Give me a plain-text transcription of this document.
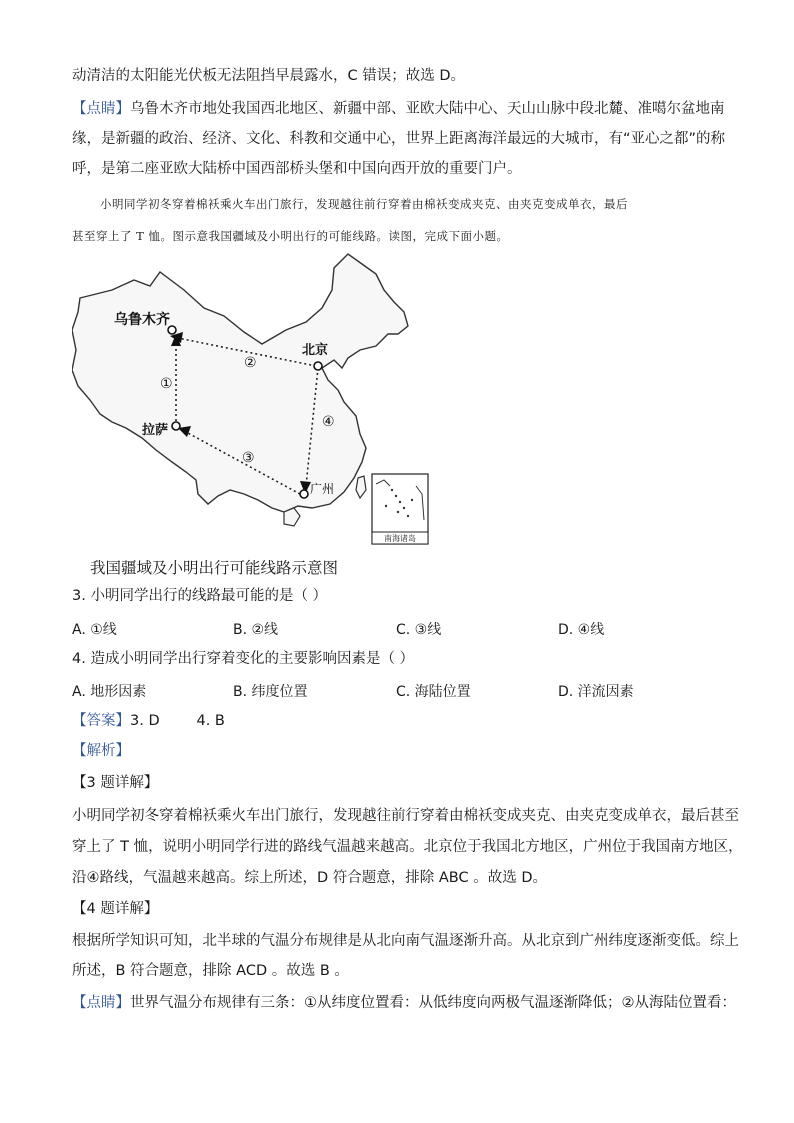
动清洁的太阳能光伏板无法阻挡早晨露水，C 错误；故选 D。
【点睛】乌鲁木齐市地处我国西北地区、新疆中部、亚欧大陆中心、天山山脉中段北麓、准噶尔盆地南
缘，是新疆的政治、经济、文化、科教和交通中心，世界上距离海洋最远的大城市，有“亚心之都”的称
呼，是第二座亚欧大陆桥中国西部桥头堡和中国向西开放的重要门户。
小明同学初冬穿着棉袄乘火车出门旅行，发现越往前行穿着由棉袄变成夹克、由夹克变成单衣，最后
甚至穿上了 T 恤。图示意我国疆域及小明出行的可能线路。读图，完成下面小题。
乌鲁木齐
北京
拉萨
广州
①
②
③
④
南海诸岛
我国疆域及小明出行可能线路示意图
3. 小明同学出行的线路最可能的是（ ）
A. ①线	B. ②线	C. ③线	D. ④线
4. 造成小明同学出行穿着变化的主要影响因素是（ ）
A. 地形因素	B. 纬度位置	C. 海陆位置	D. 洋流因素
【答案】3. D        4. B
【解析】
【3 题详解】
小明同学初冬穿着棉袄乘火车出门旅行，发现越往前行穿着由棉袄变成夹克、由夹克变成单衣，最后甚至
穿上了 T 恤，说明小明同学行进的路线气温越来越高。北京位于我国北方地区，广州位于我国南方地区，
沿④路线，气温越来越高。综上所述，D 符合题意，排除 ABC 。故选 D。
【4 题详解】
根据所学知识可知，北半球的气温分布规律是从北向南气温逐渐升高。从北京到广州纬度逐渐变低。综上
所述，B 符合题意，排除 ACD 。故选 B 。
【点睛】世界气温分布规律有三条：①从纬度位置看：从低纬度向两极气温逐渐降低；②从海陆位置看：
